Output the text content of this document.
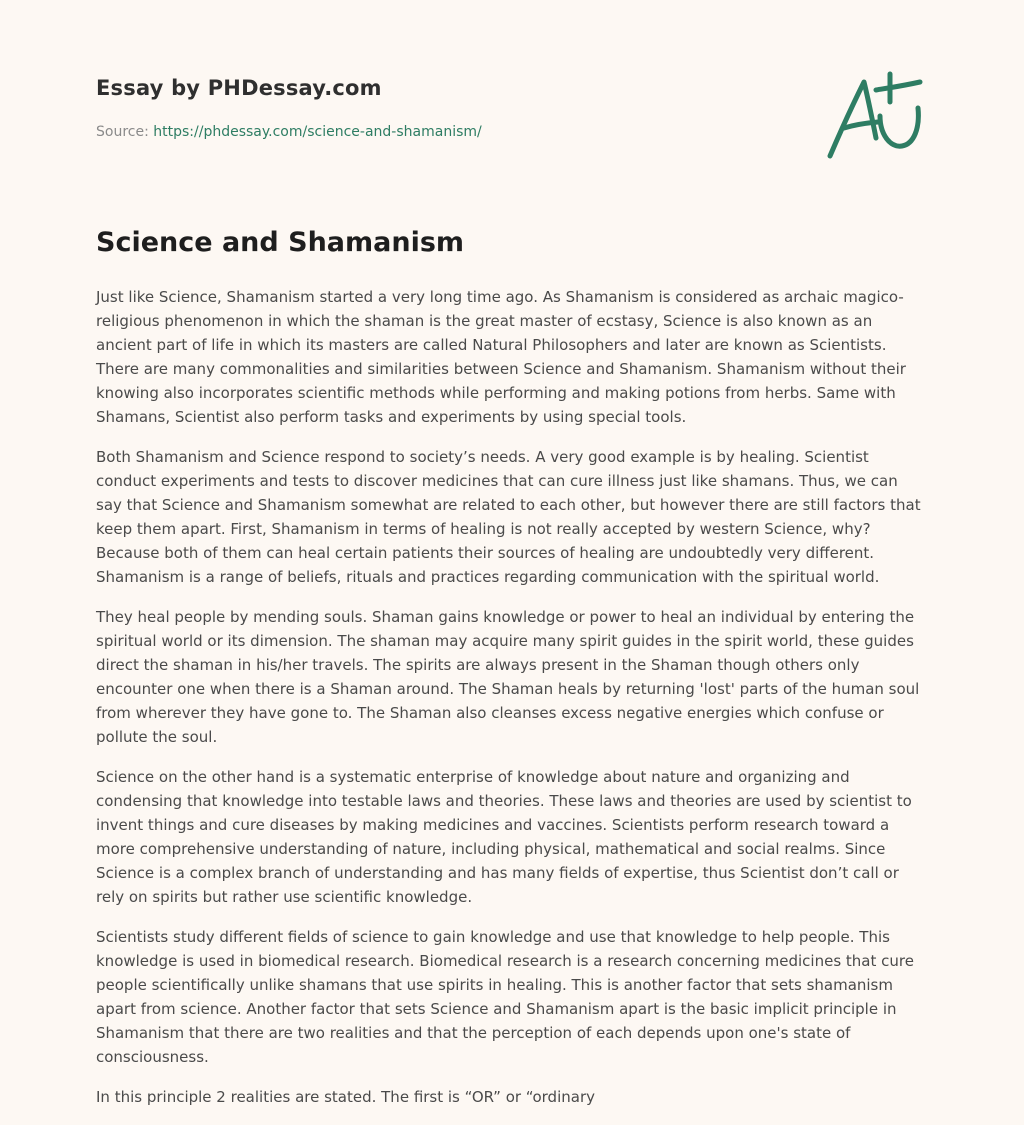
Essay by PHDessay.com
Source: https://phdessay.com/science-and-shamanism/
Science and Shamanism

Just like Science, Shamanism started a very long time ago. As Shamanism is considered as archaic magico-religious phenomenon in which the shaman is the great master of ecstasy, Science is also known as an ancient part of life in which its masters are called Natural Philosophers and later are known as Scientists. There are many commonalities and similarities between Science and Shamanism. Shamanism without their knowing also incorporates scientific methods while performing and making potions from herbs. Same with Shamans, Scientist also perform tasks and experiments by using special tools.

Both Shamanism and Science respond to society’s needs. A very good example is by healing. Scientist conduct experiments and tests to discover medicines that can cure illness just like shamans. Thus, we can say that Science and Shamanism somewhat are related to each other, but however there are still factors that keep them apart. First, Shamanism in terms of healing is not really accepted by western Science, why? Because both of them can heal certain patients their sources of healing are undoubtedly very different. Shamanism is a range of beliefs, rituals and practices regarding communication with the spiritual world.

They heal people by mending souls. Shaman gains knowledge or power to heal an individual by entering the spiritual world or its dimension. The shaman may acquire many spirit guides in the spirit world, these guides direct the shaman in his/her travels. The spirits are always present in the Shaman though others only encounter one when there is a Shaman around. The Shaman heals by returning 'lost' parts of the human soul from wherever they have gone to. The Shaman also cleanses excess negative energies which confuse or pollute the soul.

Science on the other hand is a systematic enterprise of knowledge about nature and organizing and condensing that knowledge into testable laws and theories. These laws and theories are used by scientist to invent things and cure diseases by making medicines and vaccines. Scientists perform research toward a more comprehensive understanding of nature, including physical, mathematical and social realms. Since Science is a complex branch of understanding and has many fields of expertise, thus Scientist don’t call or rely on spirits but rather use scientific knowledge.

Scientists study different fields of science to gain knowledge and use that knowledge to help people. This knowledge is used in biomedical research. Biomedical research is a research concerning medicines that cure people scientifically unlike shamans that use spirits in healing. This is another factor that sets shamanism apart from science. Another factor that sets Science and Shamanism apart is the basic implicit principle in Shamanism that there are two realities and that the perception of each depends upon one's state of consciousness.

In this principle 2 realities are stated. The first is “OR” or “ordinary
